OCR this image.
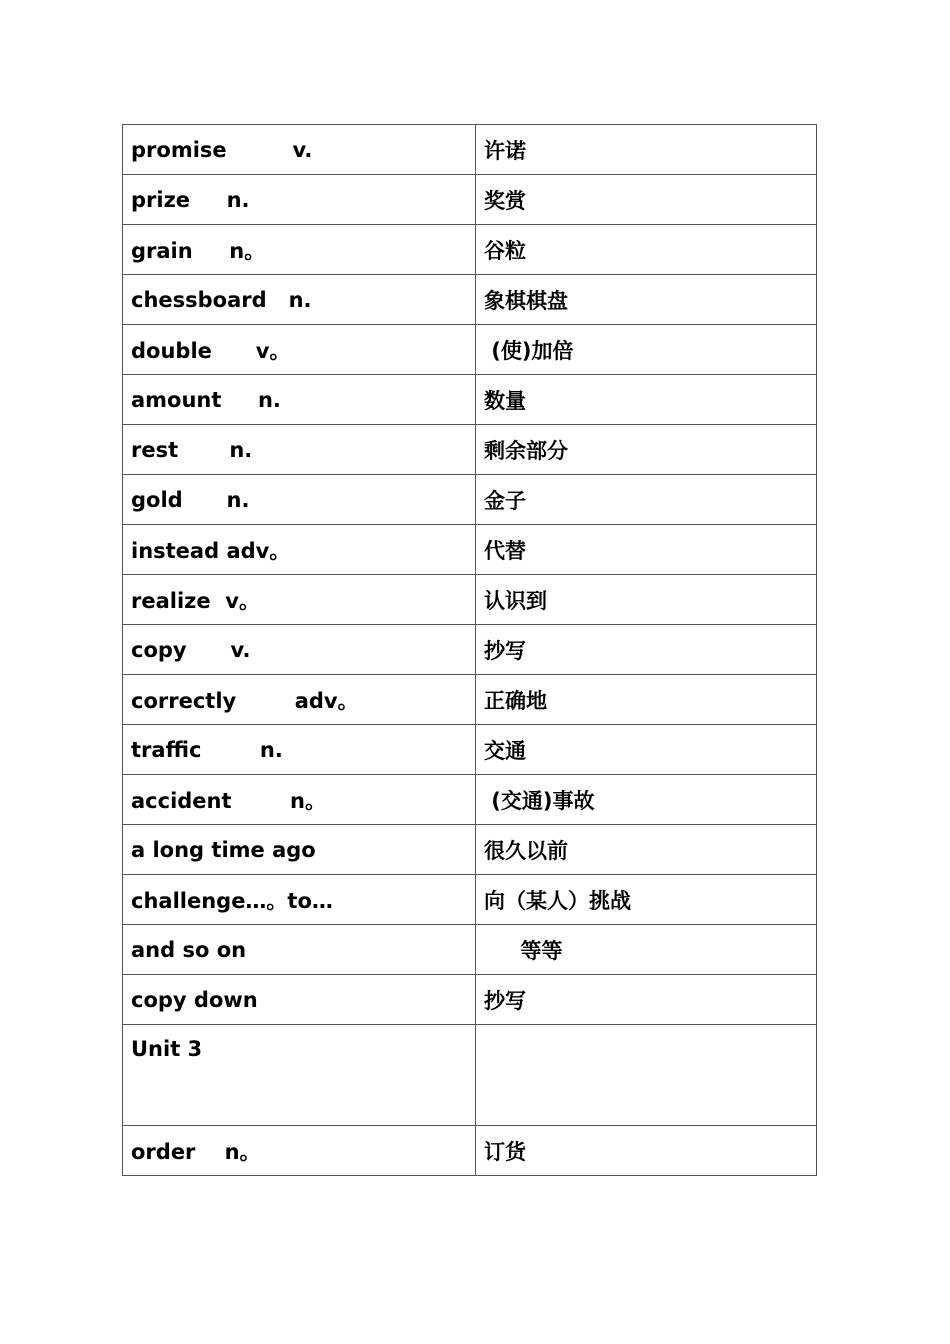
promise         v.	许诺
prize     n.	奖赏
grain     n。	谷粒
chessboard   n.	象棋棋盘
double      v。	(使)加倍
amount     n.	数量
rest       n.	剩余部分
gold      n.	金子
instead adv。	代替
realize  v。	认识到
copy      v.	抄写
correctly        adv。	正确地
traffic        n.	交通
accident        n。	(交通)事故
a long time ago	很久以前
challenge…。to…	向（某人）挑战
and so on	等等
copy down	抄写
Unit 3	
order    n。	订货
